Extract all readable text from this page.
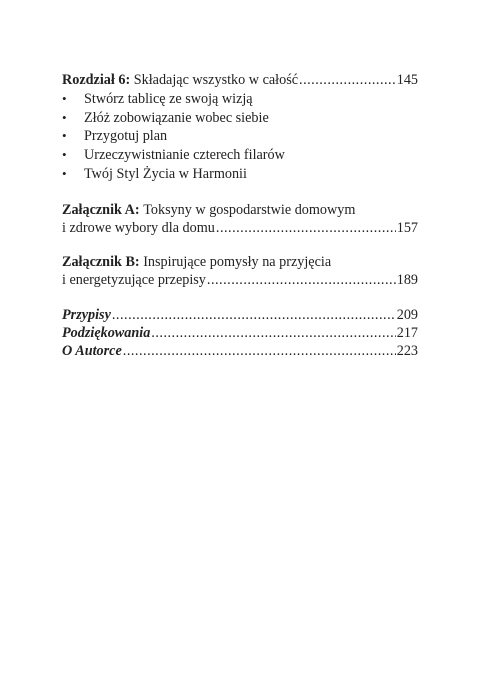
Rozdział 6:
Składając wszystko w całość .....	145
•	Stwórz tablicę ze swoją wizją
•	Złóż zobowiązanie wobec siebie
•	Przygotuj plan
•	Urzeczywistnianie czterech filarów
•	Twój Styl Życia w Harmonii
Załącznik A:
Toksyny w gospodarstwie domowym
i zdrowe wybory dla domu .....	157
Załącznik B:
Inspirujące pomysły na przyjęcia
i energetyzujące przepisy .....	189
Przypisy .....	209
Podziękowania .....	217
O Autorce .....	223
